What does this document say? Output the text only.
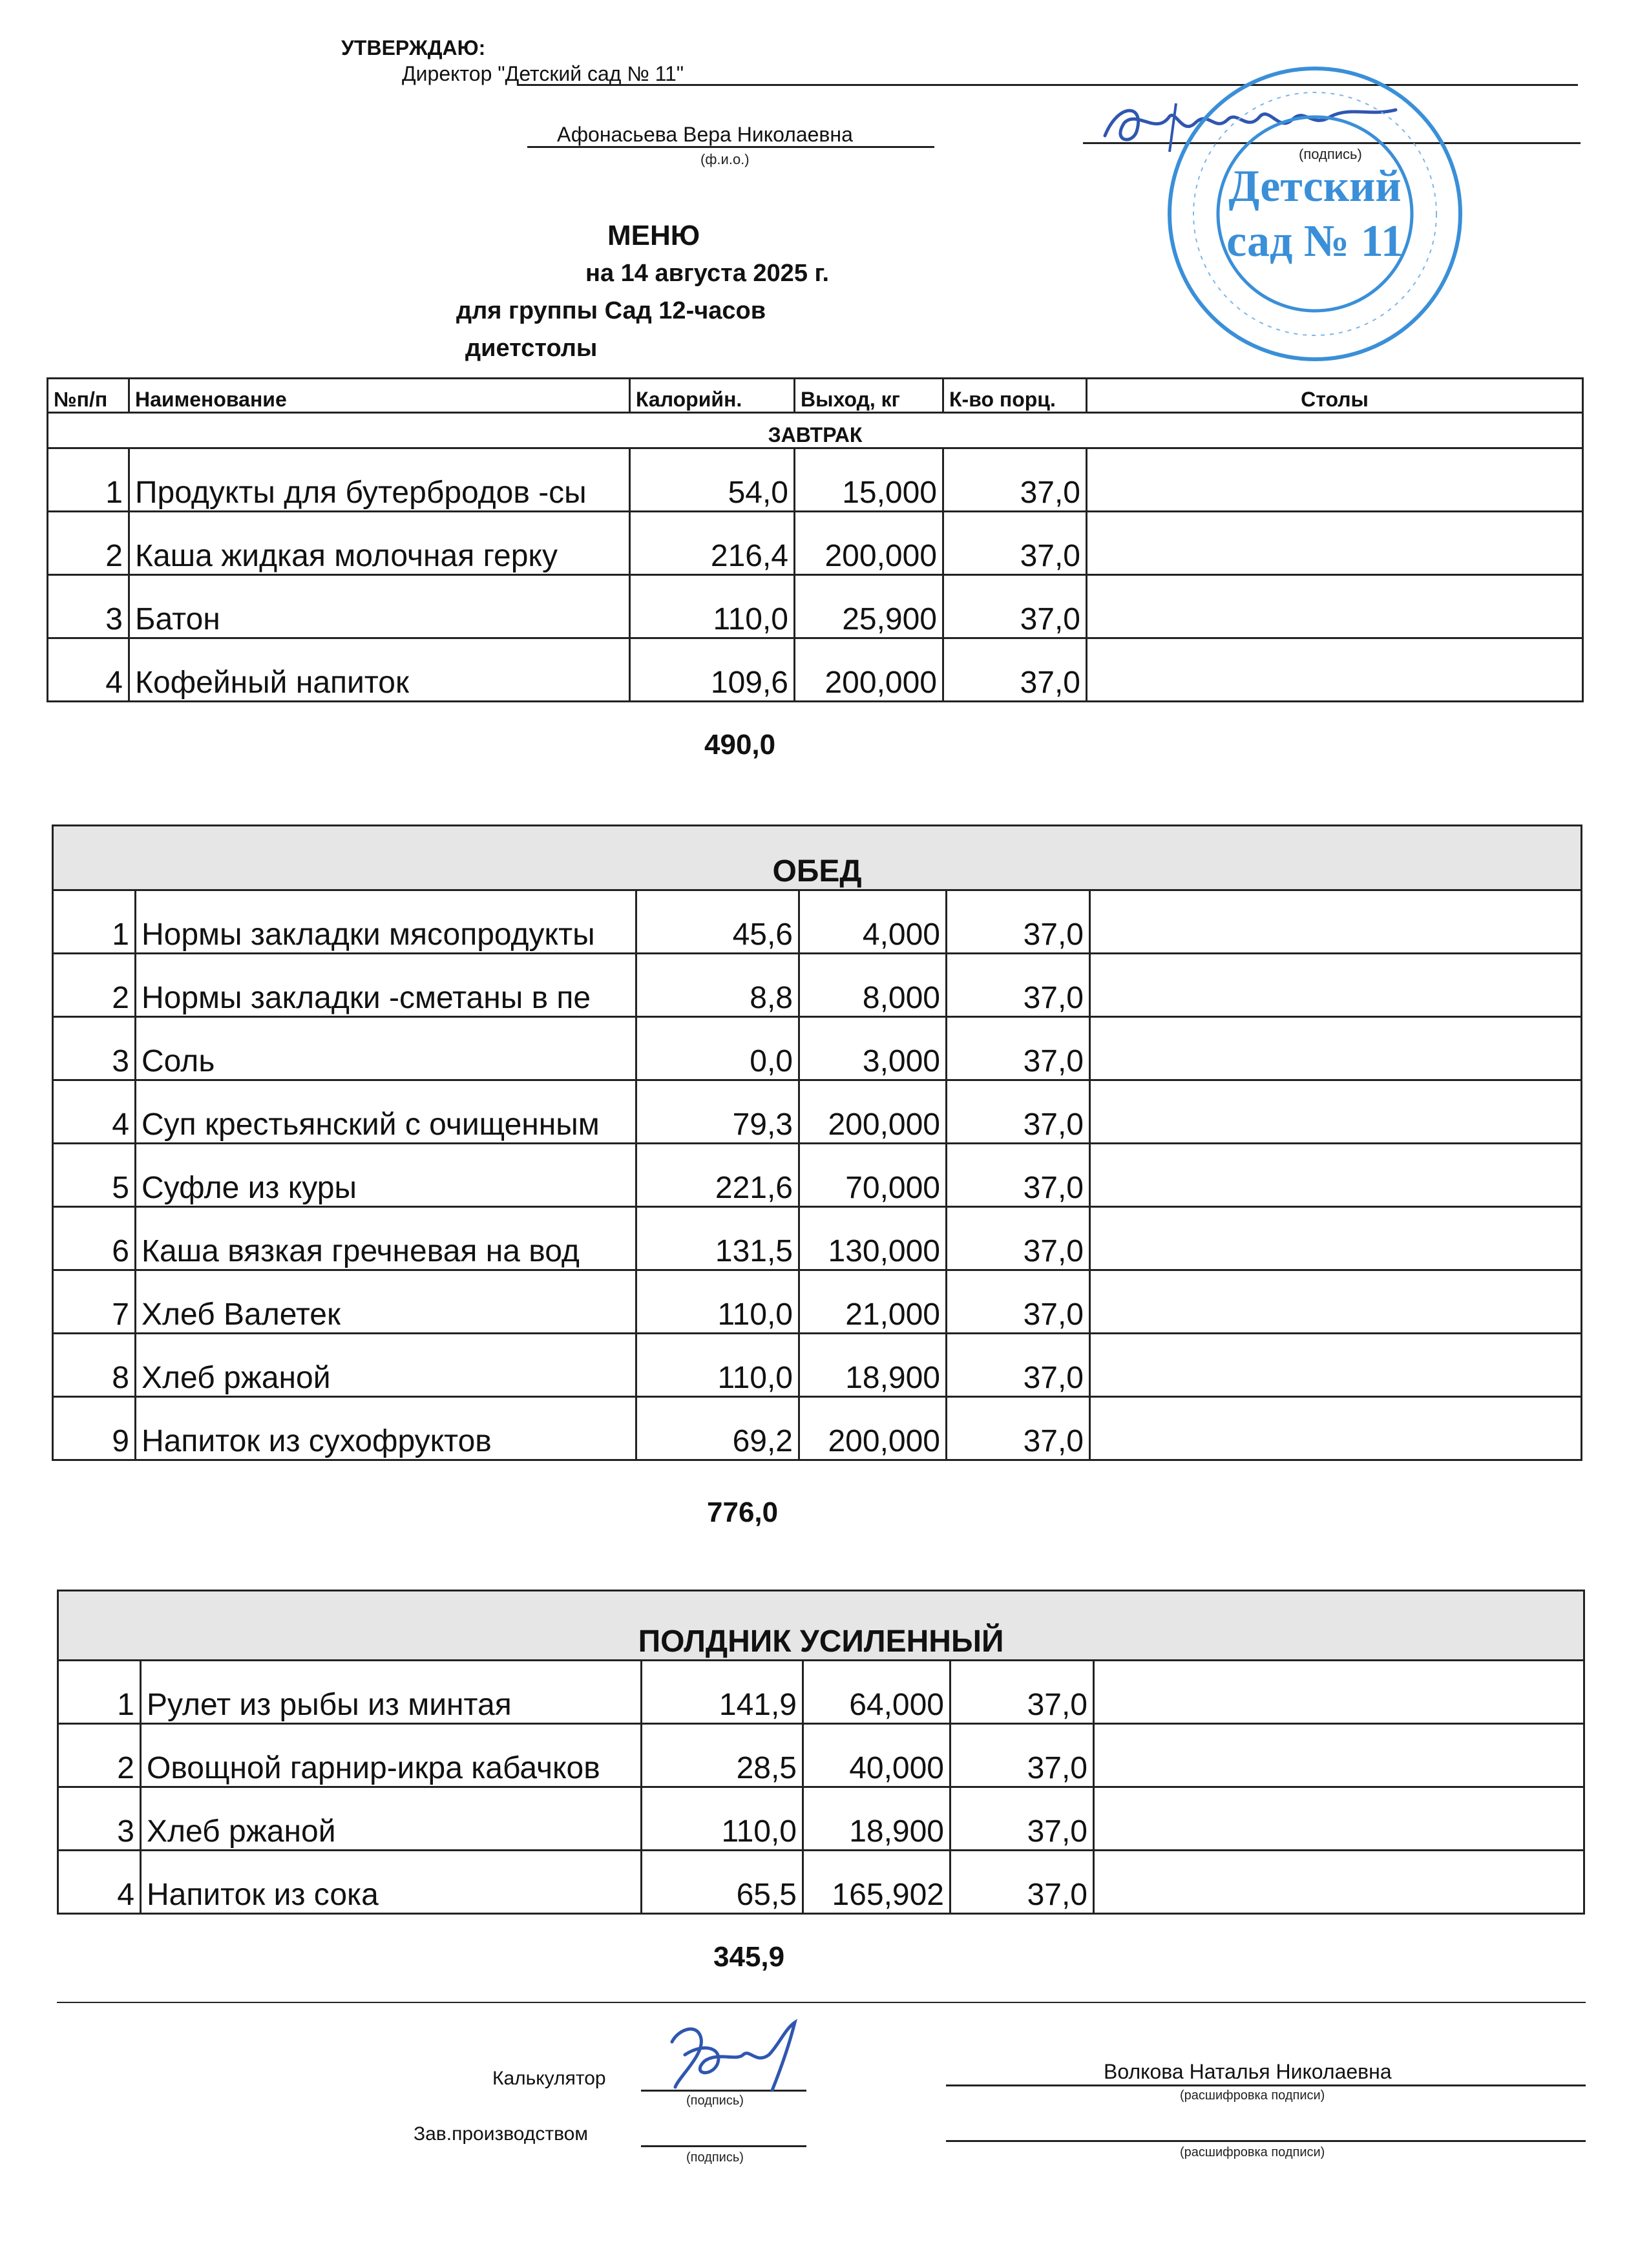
УТВЕРЖДАЮ:
Директор "Детский сад № 11"
Афонасьева Вера Николаевна
(ф.и.о.)	(подпись)
Детский
сад № 11
МЕНЮ
на 14 августа 2025 г.
для группы Сад 12-часов
диетстолы
№п/п	Наименование	Калорийн.	Выход, кг	К-во порц.	Столы
ЗАВТРАК					
1	Продукты для бутербродов -сы	54,0	15,000	37,0	
2	Каша жидкая молочная герку	216,4	200,000	37,0	
3	Батон	110,0	25,900	37,0	
4	Кофейный напиток	109,6	200,000	37,0	
490,0
ОБЕД					
1	Нормы закладки мясопродукты	45,6	4,000	37,0	
2	Нормы закладки -сметаны в пе	8,8	8,000	37,0	
3	Соль	0,0	3,000	37,0	
4	Суп крестьянский с очищенным	79,3	200,000	37,0	
5	Суфле из куры	221,6	70,000	37,0	
6	Каша вязкая гречневая на вод	131,5	130,000	37,0	
7	Хлеб Валетек	110,0	21,000	37,0	
8	Хлеб ржаной	110,0	18,900	37,0	
9	Напиток из сухофруктов	69,2	200,000	37,0	
776,0
ПОЛДНИК УСИЛЕННЫЙ					
1	Рулет из рыбы из минтая	141,9	64,000	37,0	
2	Овощной гарнир-икра кабачков	28,5	40,000	37,0	
3	Хлеб ржаной	110,0	18,900	37,0	
4	Напиток из сока	65,5	165,902	37,0	
345,9
Калькулятор
(подпись)
Волкова Наталья Николаевна
(расшифровка подписи)
Зав.производством
(подпись)	(расшифровка подписи)
